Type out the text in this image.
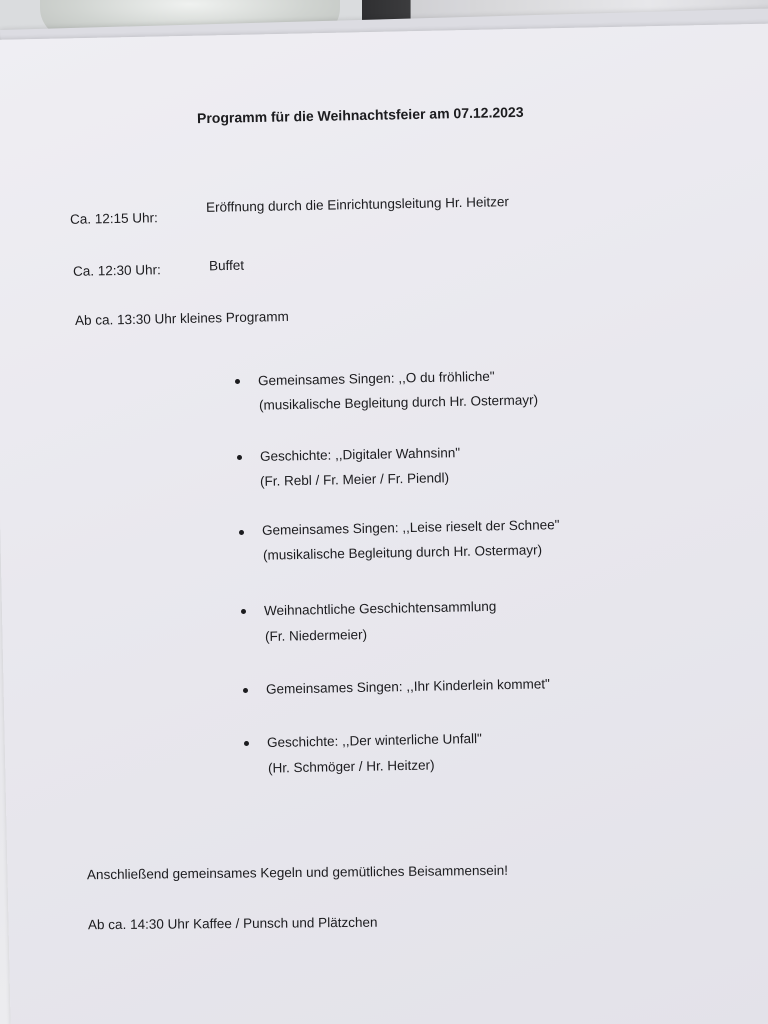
Programm für die Weihnachtsfeier am 07.12.2023
Ca. 12:15 Uhr:
Eröffnung durch die Einrichtungsleitung Hr. Heitzer
Ca. 12:30 Uhr:	Buffet
Ab ca. 13:30 Uhr kleines Programm
Gemeinsames Singen: ,,O du fröhliche"
(musikalische Begleitung durch Hr. Ostermayr)
Geschichte: ,,Digitaler Wahnsinn"
(Fr. Rebl / Fr. Meier / Fr. Piendl)
Gemeinsames Singen: ,,Leise rieselt der Schnee"
(musikalische Begleitung durch Hr. Ostermayr)
Weihnachtliche Geschichtensammlung
(Fr. Niedermeier)
Gemeinsames Singen: ,,Ihr Kinderlein kommet"
Geschichte: ,,Der winterliche Unfall"
(Hr. Schmöger / Hr. Heitzer)
Anschließend gemeinsames Kegeln und gemütliches Beisammensein!
Ab ca. 14:30 Uhr Kaffee / Punsch und Plätzchen
